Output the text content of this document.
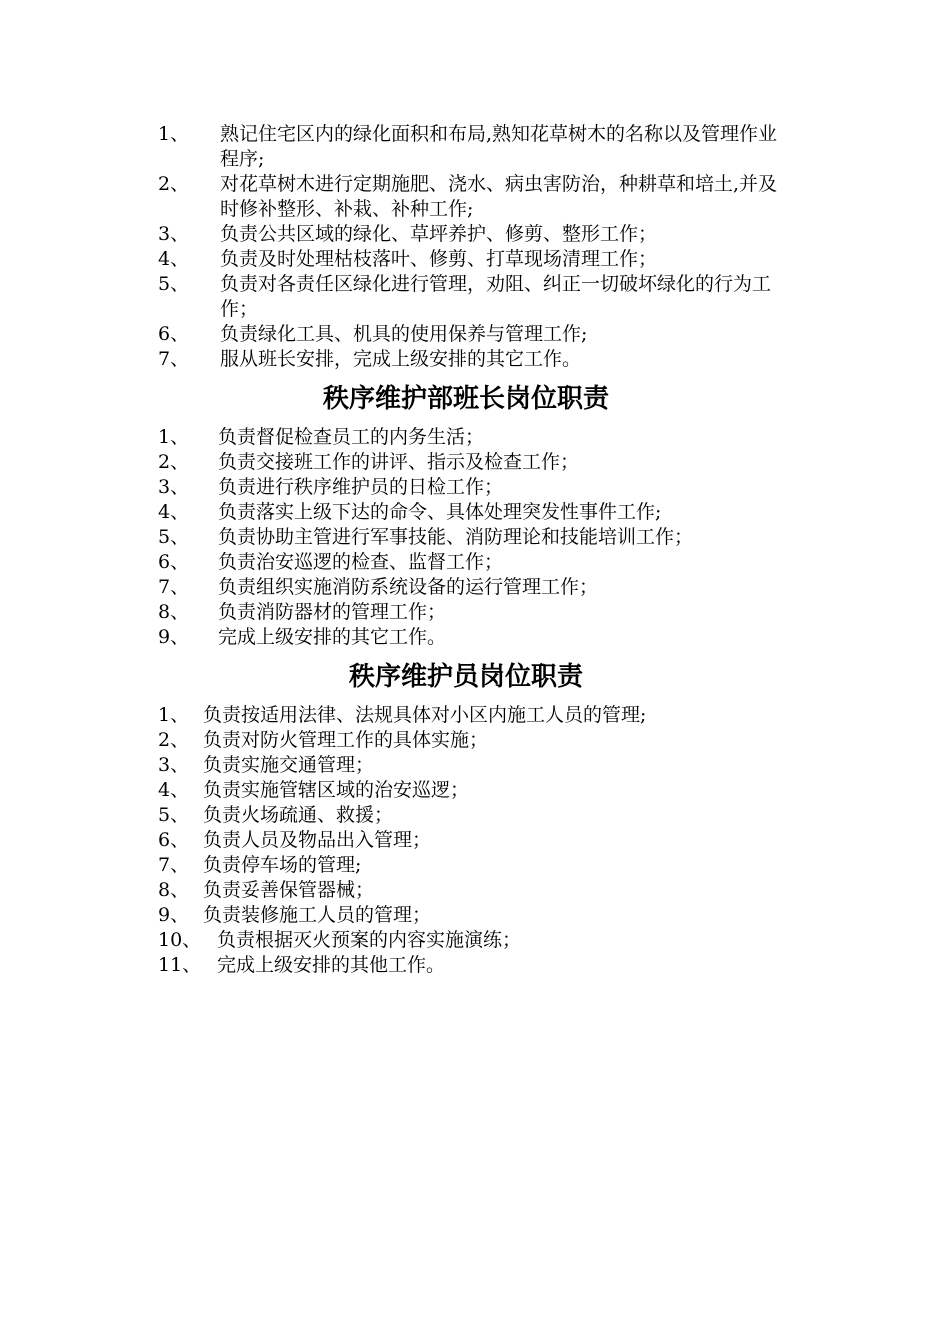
1、	熟记住宅区内的绿化面积和布局,熟知花草树木的名称以及管理作业程序;
2、	对花草树木进行定期施肥、浇水、病虫害防治，种耕草和培土,并及时修补整形、补栽、补种工作;
3、	负责公共区域的绿化、草坪养护、修剪、整形工作；
4、	负责及时处理枯枝落叶、修剪、打草现场清理工作；
5、	负责对各责任区绿化进行管理，劝阻、纠正一切破坏绿化的行为工作；
6、	负责绿化工具、机具的使用保养与管理工作;
7、	服从班长安排，完成上级安排的其它工作。
秩序维护部班长岗位职责
1、	负责督促检查员工的内务生活；
2、	负责交接班工作的讲评、指示及检查工作；
3、	负责进行秩序维护员的日检工作；
4、	负责落实上级下达的命令、具体处理突发性事件工作;
5、	负责协助主管进行军事技能、消防理论和技能培训工作；
6、	负责治安巡逻的检查、监督工作；
7、	负责组织实施消防系统设备的运行管理工作；
8、	负责消防器材的管理工作；
9、	完成上级安排的其它工作。
秩序维护员岗位职责
1、 负责按适用法律、法规具体对小区内施工人员的管理;
2、 负责对防火管理工作的具体实施；
3、 负责实施交通管理；
4、 负责实施管辖区域的治安巡逻；
5、 负责火场疏通、救援；
6、 负责人员及物品出入管理；
7、 负责停车场的管理;
8、 负责妥善保管器械；
9、 负责装修施工人员的管理；
10、 负责根据灭火预案的内容实施演练；
11、 完成上级安排的其他工作。
